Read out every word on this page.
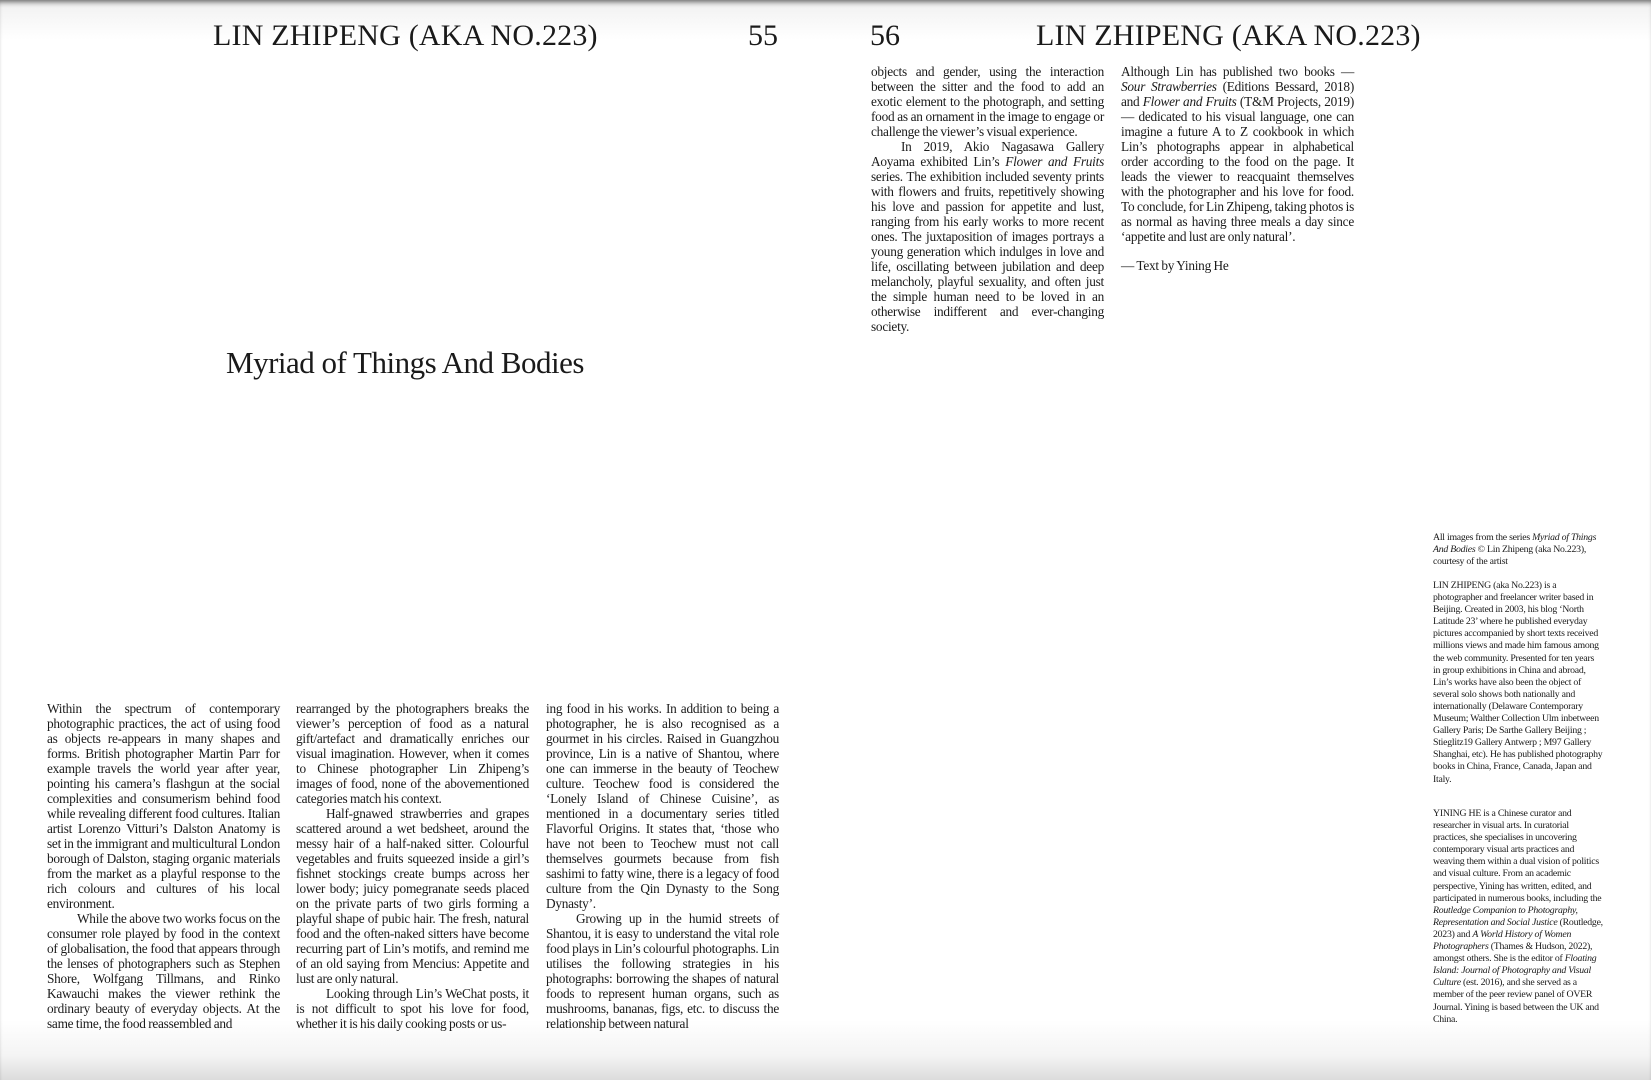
LIN ZHIPENG (AKA NO.223)	55
Myriad of Things And Bodies

Within the spectrum of contemporary photographic practices, the act of using food as objects re-appears in many shapes and forms. British photographer Martin Parr for example travels the world year after year, pointing his camera’s flashgun at the social complexities and consumerism behind food while revealing different food cultures. Italian artist Lorenzo Vitturi’s Dalston Anatomy is set in the immigrant and multicultural London borough of Dalston, staging organic materials from the market as a playful response to the rich colours and cultures of his local environment.

While the above two works focus on the consumer role played by food in the context of globalisation, the food that appears through the lenses of photographers such as Stephen Shore, Wolfgang Tillmans, and Rinko Kawauchi makes the viewer rethink the ordinary beauty of everyday objects. At the same time, the food reassembled and

rearranged by the photographers breaks the viewer’s perception of food as a natural gift/artefact and dramatically enriches our visual imagination. However, when it comes to Chinese photographer Lin Zhipeng’s images of food, none of the abovementioned categories match his context.

Half-gnawed strawberries and grapes scattered around a wet bedsheet, around the messy hair of a half-naked sitter. Colourful vegetables and fruits squeezed inside a girl’s fishnet stockings create bumps across her lower body; juicy pomegranate seeds placed on the private parts of two girls forming a playful shape of pubic hair. The fresh, natural food and the often-naked sitters have become recurring part of Lin’s motifs, and remind me of an old saying from Mencius: Appetite and lust are only natural.

Looking through Lin’s WeChat posts, it is not difficult to spot his love for food, whether it is his daily cooking posts or us-

ing food in his works. In addition to being a photographer, he is also recognised as a gourmet in his circles. Raised in Guangzhou province, Lin is a native of Shantou, where one can immerse in the beauty of Teochew culture. Teochew food is considered the ‘Lonely Island of Chinese Cuisine’, as mentioned in a documentary series titled Flavorful Origins. It states that, ‘those who have not been to Teochew must not call themselves gourmets because from fish sashimi to fatty wine, there is a legacy of food culture from the Qin Dynasty to the Song Dynasty’.

Growing up in the humid streets of Shantou, it is easy to understand the vital role food plays in Lin’s colourful photographs. Lin utilises the following strategies in his photographs: borrowing the shapes of natural foods to represent human organs, such as mushrooms, bananas, figs, etc. to discuss the relationship between natural

56	LIN ZHIPENG (AKA NO.223)

objects and gender, using the interaction between the sitter and the food to add an exotic element to the photograph, and setting food as an ornament in the image to engage or challenge the viewer’s visual experience.

In 2019, Akio Nagasawa Gallery Aoyama exhibited Lin’s Flower and Fruits series. The exhibition included seventy prints with flowers and fruits, repetitively showing his love and passion for appetite and lust, ranging from his early works to more recent ones. The juxtaposition of images portrays a young generation which indulges in love and life, oscillating between jubilation and deep melancholy, playful sexuality, and often just the simple human need to be loved in an otherwise indifferent and ever-changing society.

Although Lin has published two books — Sour Strawberries (Editions Bessard, 2018) and Flower and Fruits (T&M Projects, 2019) — dedicated to his visual language, one can imagine a future A to Z cookbook in which Lin’s photographs appear in alphabetical order according to the food on the page. It leads the viewer to reacquaint themselves with the photographer and his love for food. To conclude, for Lin Zhipeng, taking photos is as normal as having three meals a day since ‘appetite and lust are only natural’.

— Text by Yining He

All images from the series Myriad of Things And Bodies © Lin Zhipeng (aka No.223), courtesy of the artist

LIN ZHIPENG (aka No.223) is a photographer and freelancer writer based in Beijing. Created in 2003, his blog ‘North Latitude 23’ where he published everyday pictures accompanied by short texts received millions views and made him famous among the web community. Presented for ten years in group exhibitions in China and abroad, Lin’s works have also been the object of several solo shows both nationally and internationally (Delaware Contemporary Museum; Walther Collection Ulm inbetween Gallery Paris; De Sarthe Gallery Beijing ; Stieglitz19 Gallery Antwerp ; M97 Gallery Shanghai, etc). He has published photography books in China, France, Canada, Japan and Italy.

YINING HE is a Chinese curator and researcher in visual arts. In curatorial practices, she specialises in uncovering contemporary visual arts practices and weaving them within a dual vision of politics and visual culture. From an academic perspective, Yining has written, edited, and participated in numerous books, including the Routledge Companion to Photography, Representation and Social Justice (Routledge, 2023) and A World History of Women Photographers (Thames & Hudson, 2022), amongst others. She is the editor of Floating Island: Journal of Photography and Visual Culture (est. 2016), and she served as a member of the peer review panel of OVER Journal. Yining is based between the UK and China.
